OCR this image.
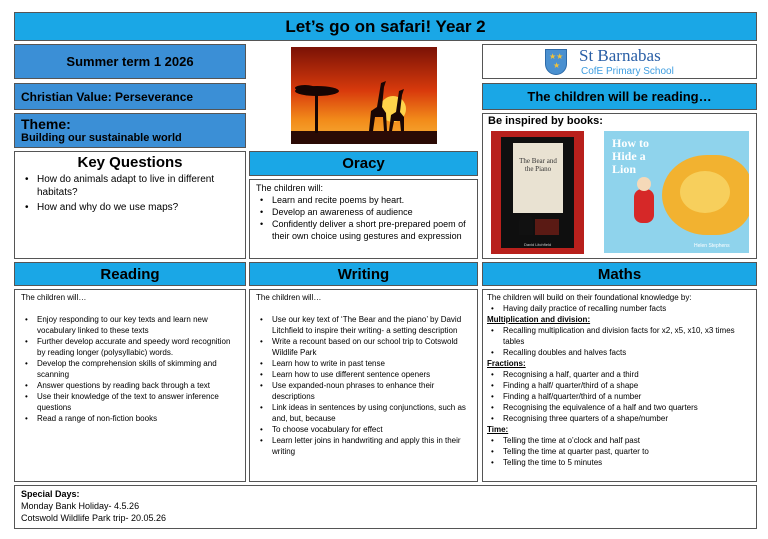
Let’s go on safari! Year 2
Summer term 1 2026
Christian Value: Perseverance
Theme:
Building our sustainable world
★★
★
St Barnabas
CofE Primary School
The children will be reading…
Be inspired by books:
The Bear and the Piano
David Litchfield
How to Hide a Lion
Helen Stephens
Key Questions
• How do animals adapt to live in different habitats?
• How and why do we use maps?
Oracy
The children will:
• Learn and recite poems by heart.
• Develop an awareness of audience
• Confidently deliver a short pre-prepared poem of their own choice using gestures and expression
Reading	Writing	Maths
The children will…
• Enjoy responding to our key texts and learn new vocabulary linked to these texts
• Further develop accurate and speedy word recognition by reading longer (polysyllabic) words.
• Develop the comprehension skills of skimming and scanning
• Answer questions by reading back through a text
• Use their knowledge of the text to answer inference questions
• Read a range of non-fiction books
The children will…
• Use our key text of ‘The Bear and the piano’ by David Litchfield to inspire their writing- a setting description
• Write a recount based on our school trip to Cotswold Wildlife Park
• Learn how to write in past tense
• Learn how to use different sentence openers
• Use expanded-noun phrases to enhance their descriptions
• Link ideas in sentences by using conjunctions, such as and, but, because
• To choose vocabulary for effect
• Learn letter joins in handwriting and apply this in their writing
The children will build on their foundational knowledge by:
• Having daily practice of recalling number facts
Multiplication and division:
• Recalling multiplication and division facts for x2, x5, x10, x3 times tables
• Recalling doubles and halves facts
Fractions:
• Recognising a half, quarter and a third
• Finding a half/ quarter/third of a shape
• Finding a half/quarter/third of a number
• Recognising the equivalence of a half and two quarters
• Recognising three quarters of a shape/number
Time:
• Telling the time at o’clock and half past
• Telling the time at quarter past, quarter to
• Telling the time to 5 minutes
Special Days:
Monday Bank Holiday- 4.5.26
Cotswold Wildlife Park trip- 20.05.26
